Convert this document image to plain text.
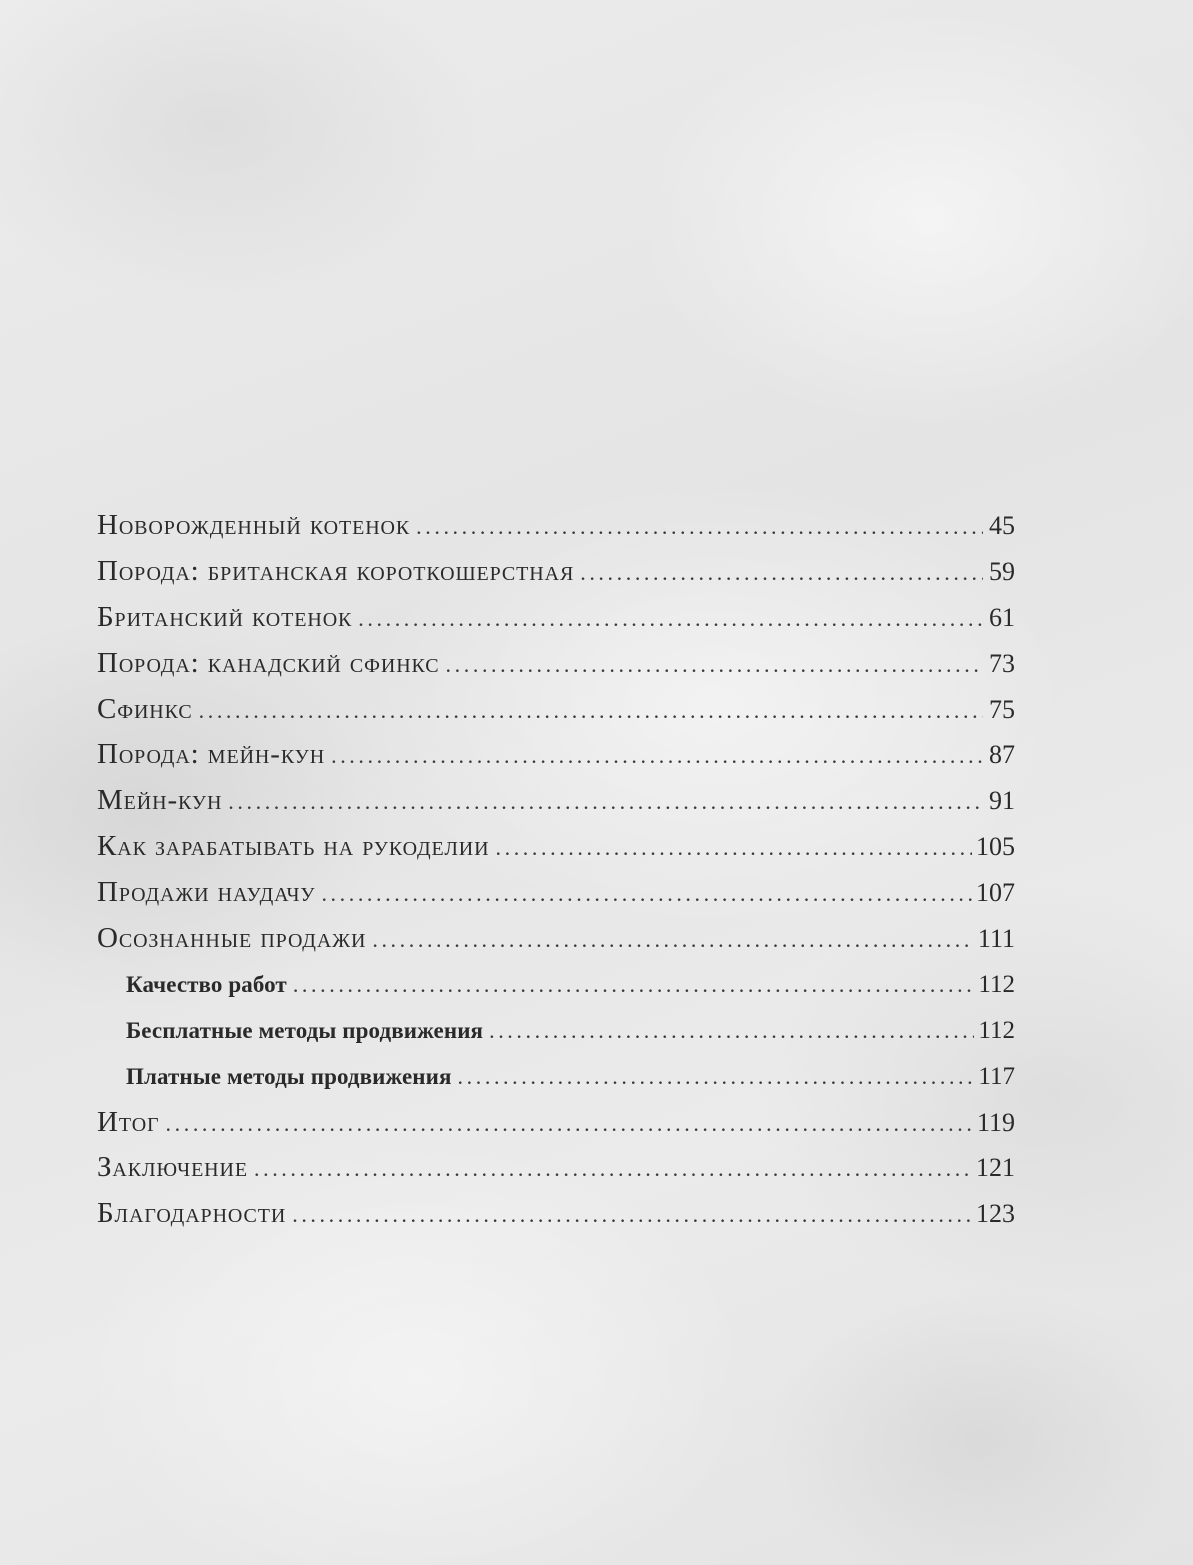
Новорожденный котенок .....	45
Порода: британская короткошерстная .....	59
Британский котенок .....	61
Порода: канадский сфинкс .....	73
Сфинкс .....	75
Порода: мейн-кун .....	87
Мейн-кун .....	91
Как зарабатывать на рукоделии .....	105
Продажи наудачу .....	107
Осознанные продажи .....	111
Качество работ .....	112
Бесплатные методы продвижения .....	112
Платные методы продвижения .....	117
Итог .....	119
Заключение .....	121
Благодарности .....	123
